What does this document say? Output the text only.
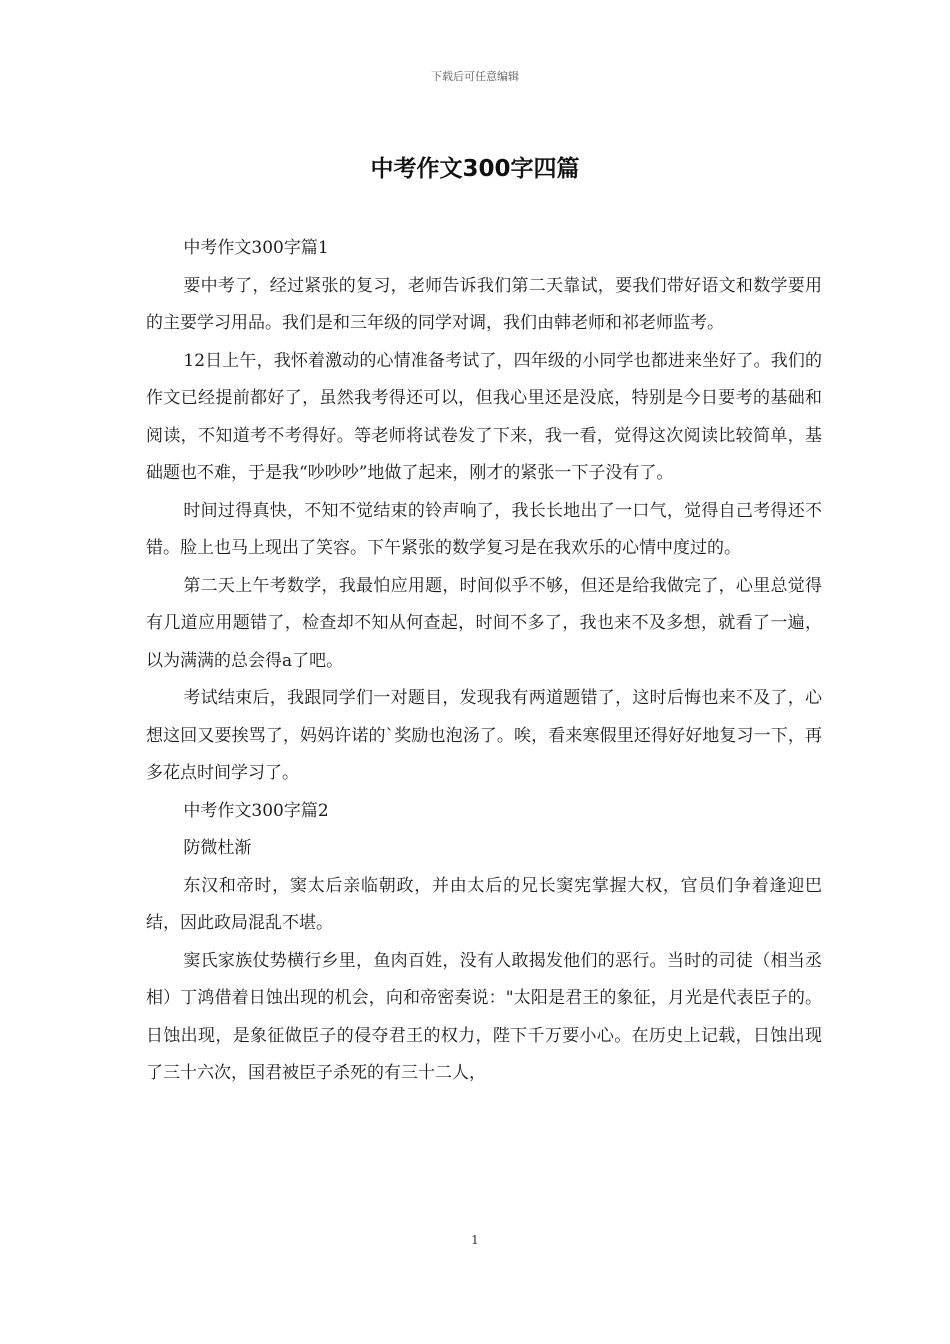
下载后可任意编辑
中考作文300字四篇

中考作文300字篇1

要中考了，经过紧张的复习，老师告诉我们第二天靠试，要我们带好语文和数学要用的主要学习用品。我们是和三年级的同学对调，我们由韩老师和祁老师监考。

12日上午，我怀着激动的心情准备考试了，四年级的小同学也都进来坐好了。我们的作文已经提前都好了，虽然我考得还可以，但我心里还是没底，特别是今日要考的基础和阅读，不知道考不考得好。等老师将试卷发了下来，我一看，觉得这次阅读比较简单，基础题也不难，于是我“吵吵吵”地做了起来，刚才的紧张一下子没有了。

时间过得真快，不知不觉结束的铃声响了，我长长地出了一口气，觉得自己考得还不错。脸上也马上现出了笑容。下午紧张的数学复习是在我欢乐的心情中度过的。

第二天上午考数学，我最怕应用题，时间似乎不够，但还是给我做完了，心里总觉得有几道应用题错了，检查却不知从何查起，时间不多了，我也来不及多想，就看了一遍，以为满满的总会得a了吧。

考试结束后，我跟同学们一对题目，发现我有两道题错了，这时后悔也来不及了，心想这回又要挨骂了，妈妈许诺的`奖励也泡汤了。唉，看来寒假里还得好好地复习一下，再多花点时间学习了。

中考作文300字篇2

防微杜渐

东汉和帝时，窦太后亲临朝政，并由太后的兄长窦宪掌握大权，官员们争着逢迎巴结，因此政局混乱不堪。

窦氏家族仗势横行乡里，鱼肉百姓，没有人敢揭发他们的恶行。当时的司徒（相当丞相）丁鸿借着日蚀出现的机会，向和帝密奏说："太阳是君王的象征，月光是代表臣子的。日蚀出现，是象征做臣子的侵夺君王的权力，陛下千万要小心。在历史上记载，日蚀出现了三十六次，国君被臣子杀死的有三十二人，

1
